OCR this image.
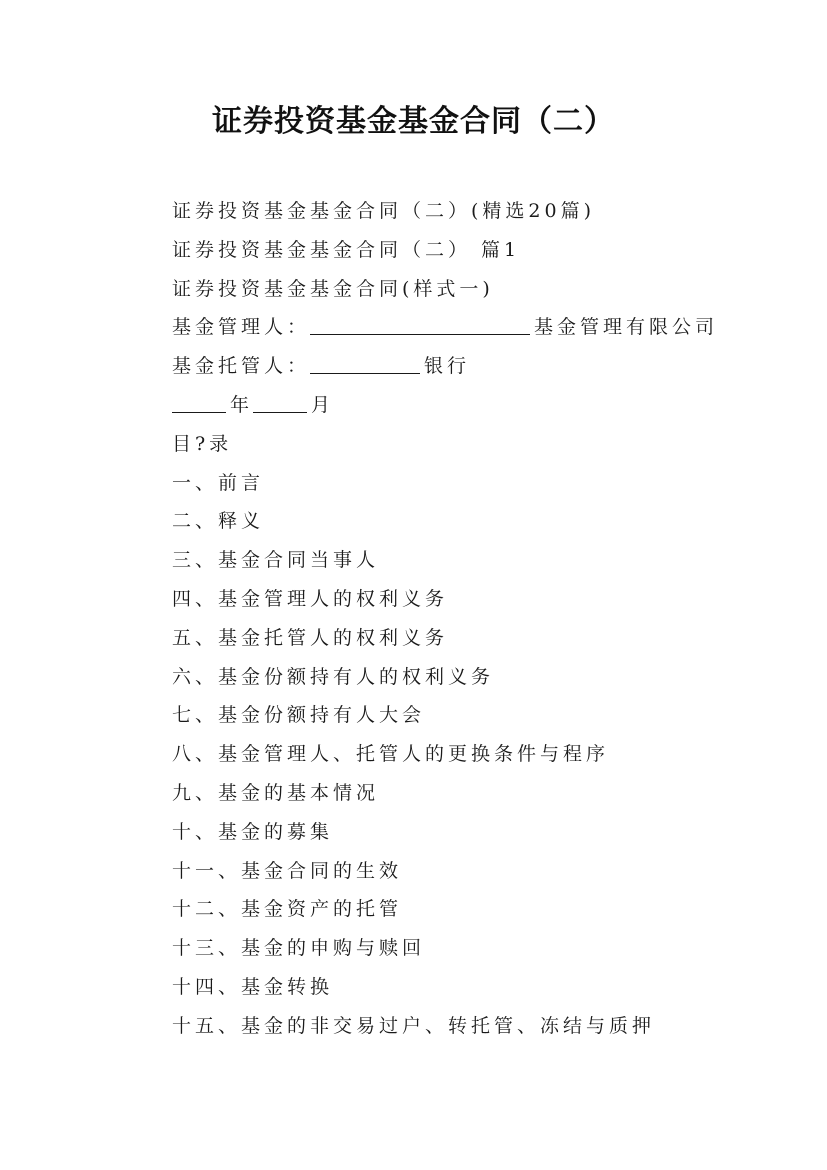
证券投资基金基金合同（二）
证券投资基金基金合同（二）(精选20篇)
证券投资基金基金合同（二） 篇1
证券投资基金基金合同(样式一)
基金管理人：	基金管理有限公司
基金托管人：	银行
年	月
目?录
一、前言
二、释义
三、基金合同当事人
四、基金管理人的权利义务
五、基金托管人的权利义务
六、基金份额持有人的权利义务
七、基金份额持有人大会
八、基金管理人、托管人的更换条件与程序
九、基金的基本情况
十、基金的募集
十一、基金合同的生效
十二、基金资产的托管
十三、基金的申购与赎回
十四、基金转换
十五、基金的非交易过户、转托管、冻结与质押
